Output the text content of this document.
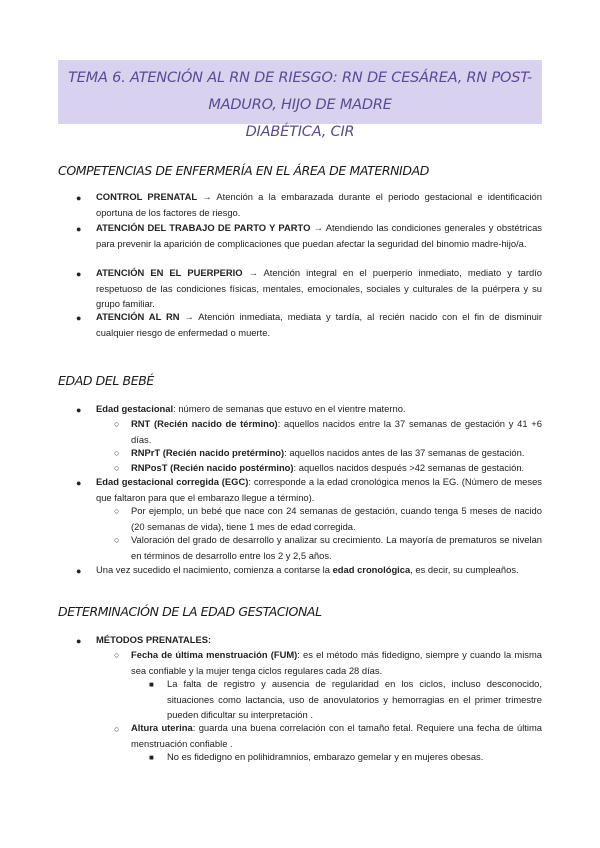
TEMA 6. ATENCIÓN AL RN DE RIESGO: RN DE CESÁREA, RN POST-MADURO, HIJO DE MADRE
DIABÉTICA, CIR
COMPETENCIAS DE ENFERMERÍA EN EL ÁREA DE MATERNIDAD
● CONTROL PRENATAL → Atención a la embarazada durante el periodo gestacional e identificación oportuna de los factores de riesgo.
● ATENCIÓN DEL TRABAJO DE PARTO Y PARTO → Atendiendo las condiciones generales y obstétricas para prevenir la aparición de complicaciones que puedan afectar la seguridad del binomio madre-hijo/a.
● ATENCIÓN EN EL PUERPERIO → Atención integral en el puerperio inmediato, mediato y tardío respetuoso de las condiciones físicas, mentales, emocionales, sociales y culturales de la puérpera y su grupo familiar.
● ATENCIÓN AL RN → Atención inmediata, mediata y tardía, al recién nacido con el fin de disminuir cualquier riesgo de enfermedad o muerte.
EDAD DEL BEBÉ
● Edad gestacional: número de semanas que estuvo en el vientre materno.
○ RNT (Recién nacido de término): aquellos nacidos entre la 37 semanas de gestación y 41 +6 días.
○ RNPrT (Recién nacido pretérmino): aquellos nacidos antes de las 37 semanas de gestación.
○ RNPosT (Recién nacido postérmino): aquellos nacidos después >42 semanas de gestación.
● Edad gestacional corregida (EGC): corresponde a la edad cronológica menos la EG. (Número de meses que faltaron para que el embarazo llegue a término).
○ Por ejemplo, un bebé que nace con 24 semanas de gestación, cuando tenga 5 meses de nacido (20 semanas de vida), tiene 1 mes de edad corregida.
○ Valoración del grado de desarrollo y analizar su crecimiento. La mayoría de prematuros se nivelan en términos de desarrollo entre los 2 y 2,5 años.
● Una vez sucedido el nacimiento, comienza a contarse la edad cronológica, es decir, su cumpleaños.
DETERMINACIÓN DE LA EDAD GESTACIONAL
● MÉTODOS PRENATALES:
○ Fecha de última menstruación (FUM): es el método más fidedigno, siempre y cuando la misma sea confiable y la mujer tenga ciclos regulares cada 28 días.
■ La falta de registro y ausencia de regularidad en los ciclos, incluso desconocido, situaciones como lactancia, uso de anovulatorios y hemorragias en el primer trimestre pueden dificultar su interpretación .
○ Altura uterina: guarda una buena correlación con el tamaño fetal. Requiere una fecha de última menstruación confiable .
■ No es fidedigno en polihidramnios, embarazo gemelar y en mujeres obesas.
